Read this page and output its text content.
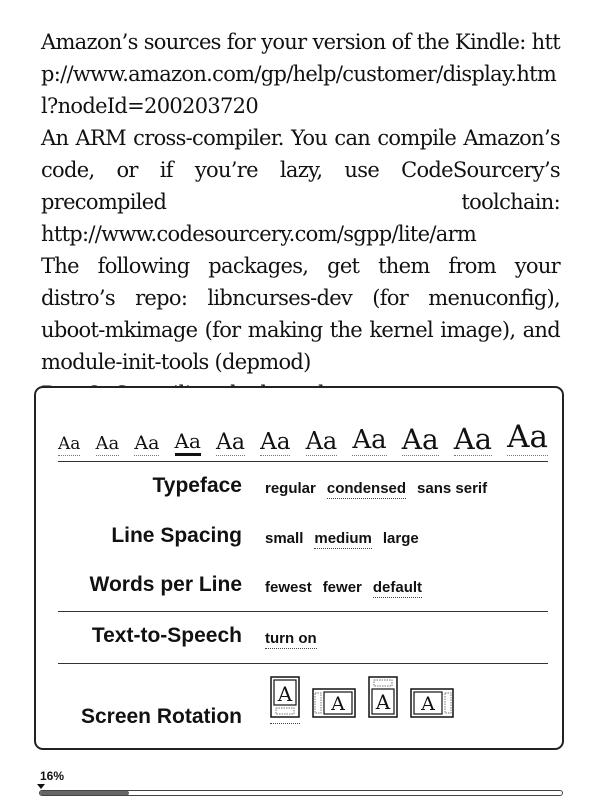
Amazon’s sources for your version of the Kindle: http://www.amazon.com/gp/help/customer/display.html?nodeId=200203720

An ARM cross-compiler. You can compile Amazon’s code, or if you’re lazy, use CodeSourcery’s precompiled toolchain: http://www.codesourcery.com/sgpp/lite/arm

The following packages, get them from your distro’s repo: libncurses-dev (for menuconfig), uboot-mkimage (for making the kernel image), and module-init-tools (depmod)

Aa Aa Aa Aa Aa Aa Aa Aa Aa Aa Aa
Typeface regular condensed sans serif
Line Spacing small medium large
Words per Line fewest fewer default
Text-to-Speech turn on
Screen Rotation
A A A A
16%
